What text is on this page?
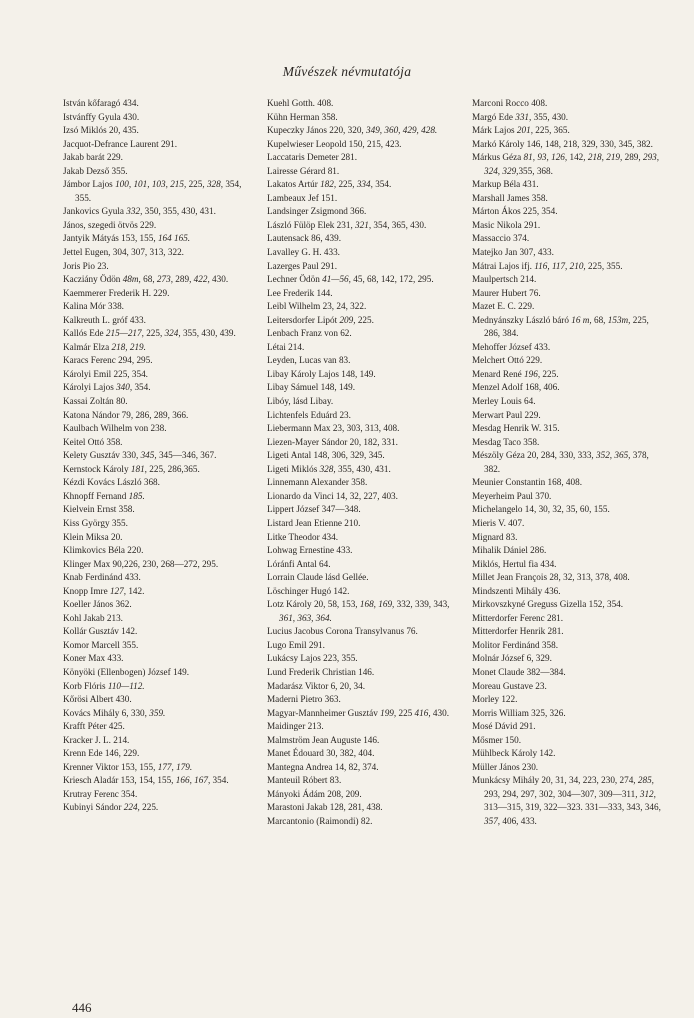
Művészek névmutatója

István kőfaragó 434.

Istvánffy Gyula 430.

Izsó Miklós 20, 435.

Jacquot-Defrance Laurent 291.

Jakab barát 229.

Jakab Dezső 355.

Jámbor Lajos 100, 101, 103, 215, 225, 328, 354, 355.

Jankovics Gyula 332, 350, 355, 430, 431.

János, szegedi ötvös 229.

Jantyik Mátyás 153, 155, 164 165.

Jettel Eugen, 304, 307, 313, 322.

Joris Pio 23.

Kacziány Ödön 48m, 68, 273, 289, 422, 430.

Kaemmerer Frederik H. 229.

Kalina Mór 338.

Kalkreuth L. gróf 433.

Kallós Ede 215—217, 225, 324, 355, 430, 439.

Kalmár Elza 218, 219.

Karacs Ferenc 294, 295.

Károlyi Emil 225, 354.

Károlyi Lajos 340, 354.

Kassai Zoltán 80.

Katona Nándor 79, 286, 289, 366.

Kaulbach Wilhelm von 238.

Keitel Ottó 358.

Kelety Gusztáv 330, 345, 345—346, 367.

Kernstock Károly 181, 225, 286,365.

Kézdi Kovács László 368.

Khnopff Fernand 185.

Kielvein Ernst 358.

Kiss György 355.

Klein Miksa 20.

Klimkovics Béla 220.

Klinger Max 90,226, 230, 268—272, 295.

Knab Ferdinánd 433.

Knopp Imre 127, 142.

Koeller János 362.

Kohl Jakab 213.

Kollár Gusztáv 142.

Komor Marcell 355.

Koner Max 433.

Könyöki (Ellenbogen) József 149.

Korb Flóris 110—112.

Kőrösi Albert 430.

Kovács Mihály 6, 330, 359.

Krafft Péter 425.

Kracker J. L. 214.

Krenn Ede 146, 229.

Krenner Viktor 153, 155, 177, 179.

Kriesch Aladár 153, 154, 155, 166, 167, 354.

Krutray Ferenc 354.

Kubinyi Sándor 224, 225.

Kuehl Gotth. 408.

Kühn Herman 358.

Kupeczky János 220, 320, 349, 360, 429, 428.

Kupelwieser Leopold 150, 215, 423.

Laccataris Demeter 281.

Lairesse Gérard 81.

Lakatos Artúr 182, 225, 334, 354.

Lambeaux Jef 151.

Landsinger Zsigmond 366.

László Fülöp Elek 231, 321, 354, 365, 430.

Lautensack 86, 439.

Lavalley G. H. 433.

Lazerges Paul 291.

Lechner Ödön 41—56, 45, 68, 142, 172, 295.

Lee Frederik 144.

Leibl Wilhelm 23, 24, 322.

Leitersdorfer Lipót 209, 225.

Lenbach Franz von 62.

Létai 214.

Leyden, Lucas van 83.

Libay Károly Lajos 148, 149.

Libay Sámuel 148, 149.

Libóy, lásd Libay.

Lichtenfels Eduárd 23.

Liebermann Max 23, 303, 313, 408.

Liezen-Mayer Sándor 20, 182, 331.

Ligeti Antal 148, 306, 329, 345.

Ligeti Miklós 328, 355, 430, 431.

Linnemann Alexander 358.

Lionardo da Vinci 14, 32, 227, 403.

Lippert József 347—348.

Listard Jean Etienne 210.

Litke Theodor 434.

Lohwag Ernestine 433.

Lóránfi Antal 64.

Lorrain Claude lásd Gellée.

Löschinger Hugó 142.

Lotz Károly 20, 58, 153, 168, 169, 332, 339, 343, 361, 363, 364.

Lucius Jacobus Corona Transylvanus 76.

Lugo Emil 291.

Lukácsy Lajos 223, 355.

Lund Frederik Christian 146.

Madarász Viktor 6, 20, 34.

Maderni Pietro 363.

Magyar-Mannheimer Gusztáv 199, 225 416, 430.

Maidinger 213.

Malmström Jean Auguste 146.

Manet Édouard 30, 382, 404.

Mantegna Andrea 14, 82, 374.

Manteuil Róbert 83.

Mányoki Ádám 208, 209.

Marastoni Jakab 128, 281, 438.

Marcantonio (Raimondi) 82.

Marconi Rocco 408.

Margó Ede 331, 355, 430.

Márk Lajos 201, 225, 365.

Markó Károly 146, 148, 218, 329, 330, 345, 382.

Márkus Géza 81, 93, 126, 142, 218, 219, 289, 293, 324, 329,355, 368.

Markup Béla 431.

Marshall James 358.

Márton Ákos 225, 354.

Masic Nikola 291.

Massaccio 374.

Matejko Jan 307, 433.

Mátrai Lajos ifj. 116, 117, 210, 225, 355.

Maulpertsch 214.

Maurer Hubert 76.

Mazet E. C. 229.

Mednyánszky László báró 16 m, 68, 153m, 225, 286, 384.

Mehoffer József 433.

Melchert Ottó 229.

Menard René 196, 225.

Menzel Adolf 168, 406.

Merley Louis 64.

Merwart Paul 229.

Mesdag Henrik W. 315.

Mesdag Taco 358.

Mészöly Géza 20, 284, 330, 333, 352, 365, 378, 382.

Meunier Constantin 168, 408.

Meyerheim Paul 370.

Michelangelo 14, 30, 32, 35, 60, 155.

Mieris V. 407.

Mignard 83.

Mihalik Dániel 286.

Miklós, Hertul fia 434.

Millet Jean François 28, 32, 313, 378, 408.

Mindszenti Mihály 436.

Mirkovszkyné Greguss Gizella 152, 354.

Mitterdorfer Ferenc 281.

Mitterdorfer Henrik 281.

Molitor Ferdinánd 358.

Molnár József 6, 329.

Monet Claude 382—384.

Moreau Gustave 23.

Morley 122.

Morris William 325, 326.

Mosé Dávid 291.

Mősmer 150.

Mühlbeck Károly 142.

Müller János 230.

Munkácsy Mihály 20, 31, 34, 223, 230, 274, 285, 293, 294, 297, 302, 304—307, 309—311, 312, 313—315, 319, 322—323. 331—333, 343, 346, 357, 406, 433.

446
